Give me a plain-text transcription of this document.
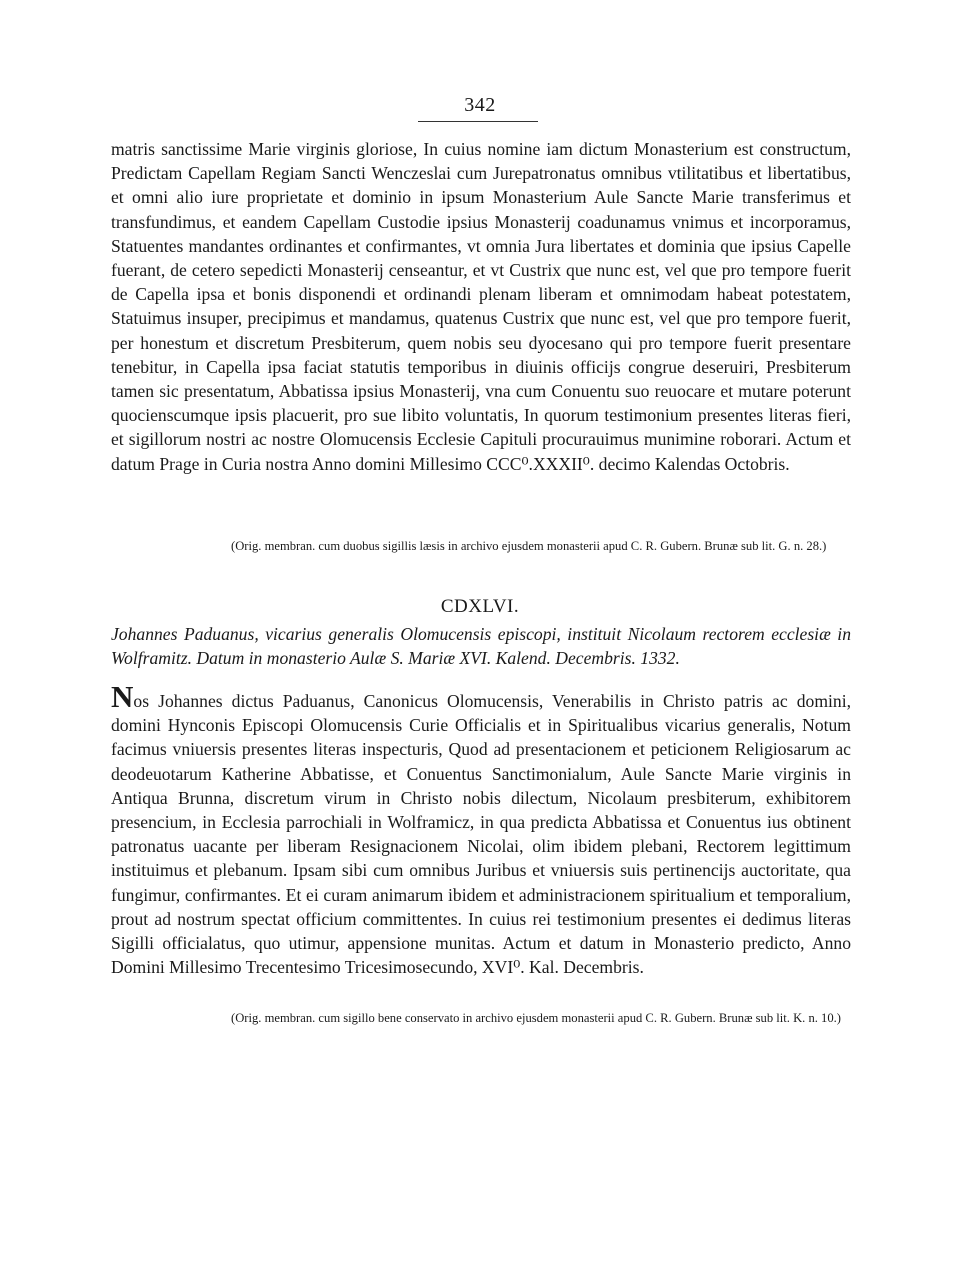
342

matris sanctissime Marie virginis gloriose, In cuius nomine iam dictum Monasterium est constructum, Predictam Capellam Regiam Sancti Wenczeslai cum Jurepatronatus omnibus vtilitatibus et libertatibus, et omni alio iure proprietate et dominio in ipsum Monasterium Aule Sancte Marie transferimus et transfundimus, et eandem Capellam Custodie ipsius Monasterij coadunamus vnimus et incorporamus, Statuentes mandantes ordinantes et confirmantes, vt omnia Jura libertates et dominia que ipsius Capelle fuerant, de cetero sepedicti Monasterij censeantur, et vt Custrix que nunc est, vel que pro tempore fuerit de Capella ipsa et bonis disponendi et ordinandi plenam liberam et omnimodam habeat potestatem, Statuimus insuper, precipimus et mandamus, quatenus Custrix que nunc est, vel que pro tempore fuerit, per honestum et discretum Presbiterum, quem nobis seu dyocesano qui pro tempore fuerit presentare tenebitur, in Capella ipsa faciat statutis temporibus in diuinis officijs congrue deseruiri, Presbiterum tamen sic presentatum, Abbatissa ipsius Monasterij, vna cum Conuentu suo reuocare et mutare poterunt quocienscumque ipsis placuerit, pro sue libito voluntatis, In quorum testimonium presentes literas fieri, et sigillorum nostri ac nostre Olomucensis Ecclesie Capituli procurauimus munimine roborari. Actum et datum Prage in Curia nostra Anno domini Millesimo CCC⁰.XXXII⁰. decimo Kalendas Octobris.

(Orig. membran. cum duobus sigillis læsis in archivo ejusdem monasterii apud C. R. Gubern. Brunæ sub lit. G. n. 28.)
CDXLVI.
Johannes Paduanus, vicarius generalis Olomucensis episcopi, instituit Nicolaum rectorem ecclesiæ in Wolframitz. Datum in monasterio Aulæ S. Mariæ XVI. Kalend. Decembris. 1332.

Nos Johannes dictus Paduanus, Canonicus Olomucensis, Venerabilis in Christo patris ac domini, domini Hynconis Episcopi Olomucensis Curie Officialis et in Spiritualibus vicarius generalis, Notum facimus vniuersis presentes literas inspecturis, Quod ad presentacionem et peticionem Religiosarum ac deodeuotarum Katherine Abbatisse, et Conuentus Sanctimonialum, Aule Sancte Marie virginis in Antiqua Brunna, discretum virum in Christo nobis dilectum, Nicolaum presbiterum, exhibitorem presencium, in Ecclesia parrochiali in Wolframicz, in qua predicta Abbatissa et Conuentus ius obtinent patronatus uacante per liberam Resignacionem Nicolai, olim ibidem plebani, Rectorem legittimum instituimus et plebanum. Ipsam sibi cum omnibus Juribus et vniuersis suis pertinencijs auctoritate, qua fungimur, confirmantes. Et ei curam animarum ibidem et administracionem spiritualium et temporalium, prout ad nostrum spectat officium committentes. In cuius rei testimonium presentes ei dedimus literas Sigilli officialatus, quo utimur, appensione munitas. Actum et datum in Monasterio predicto, Anno Domini Millesimo Trecentesimo Tricesimosecundo, XVI⁰. Kal. Decembris.

(Orig. membran. cum sigillo bene conservato in archivo ejusdem monasterii apud C. R. Gubern. Brunæ sub lit. K. n. 10.)
